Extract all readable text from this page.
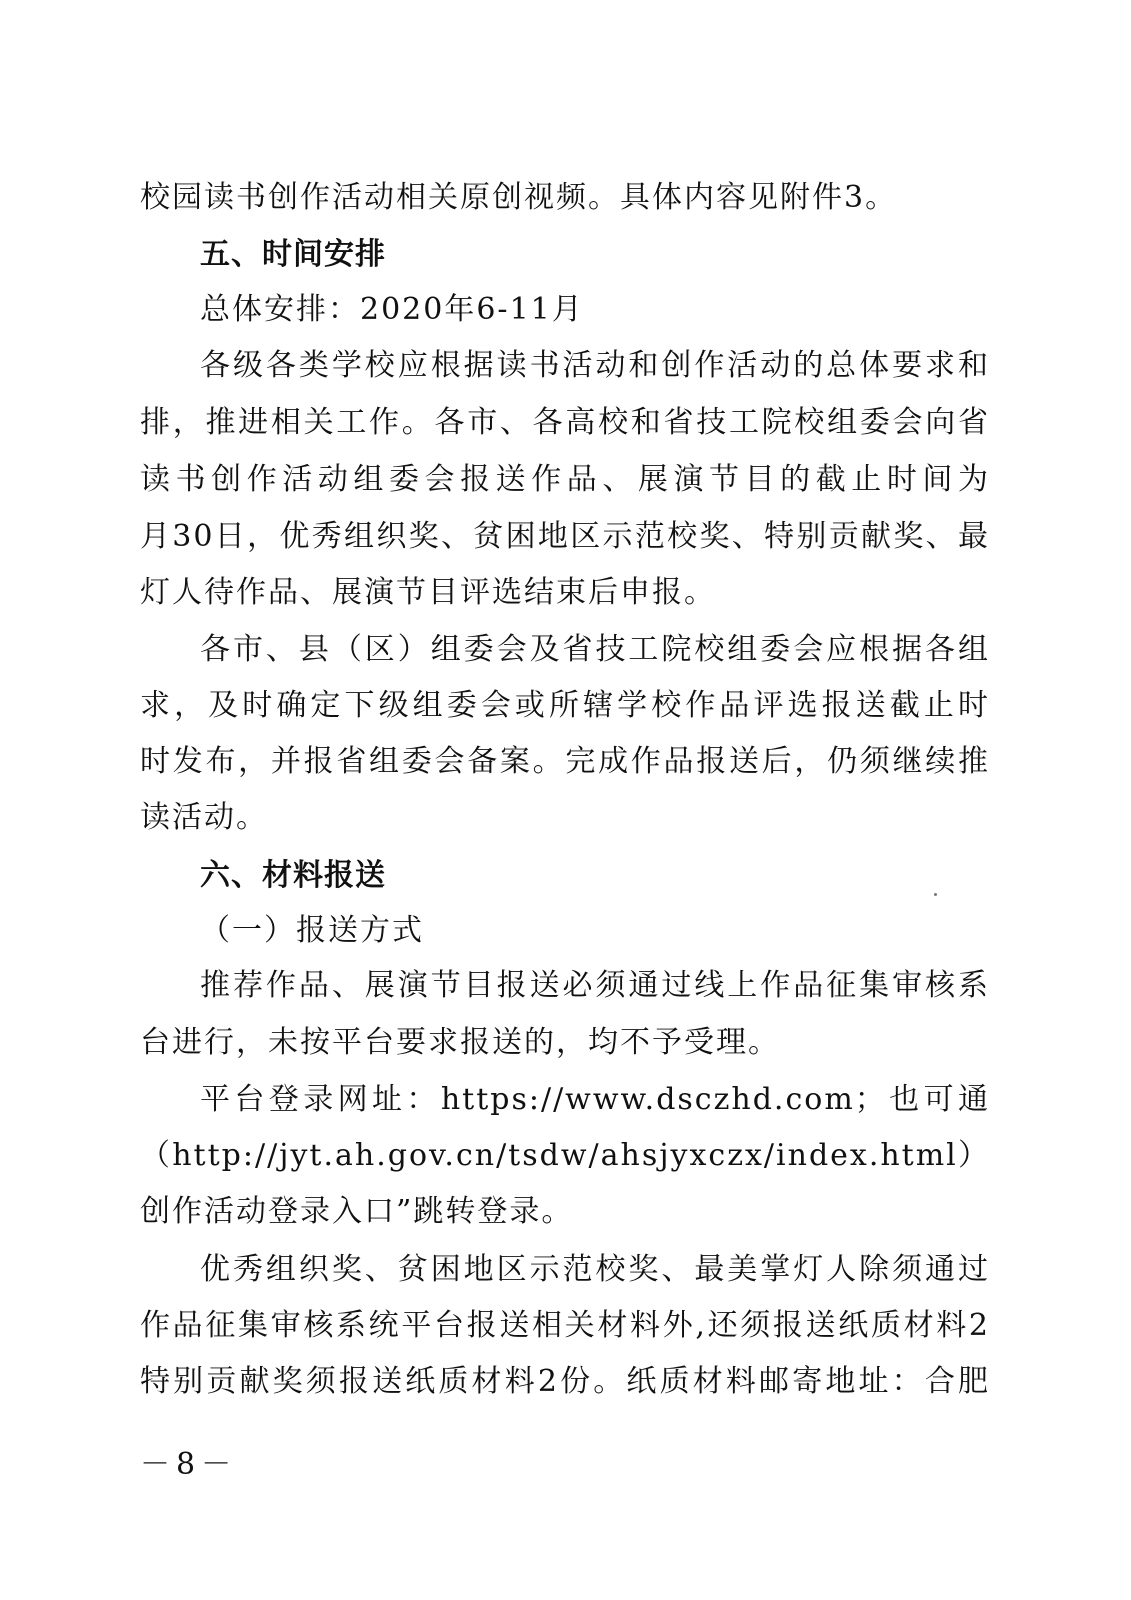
校园读书创作活动相关原创视频。具体内容见附件3。
五、时间安排
总体安排：2020年6-11月
各级各类学校应根据读书活动和创作活动的总体要求和
排，推进相关工作。各市、各高校和省技工院校组委会向省
读书创作活动组委会报送作品、展演节目的截止时间为
月30日，优秀组织奖、贫困地区示范校奖、特别贡献奖、最
灯人待作品、展演节目评选结束后申报。
各市、县（区）组委会及省技工院校组委会应根据各组
求，及时确定下级组委会或所辖学校作品评选报送截止时
时发布，并报省组委会备案。完成作品报送后，仍须继续推
读活动。
六、材料报送
（一）报送方式
推荐作品、展演节目报送必须通过线上作品征集审核系
台进行，未按平台要求报送的，均不予受理。
平台登录网址：https://www.dsczhd.com；也可通
（http://jyt.ah.gov.cn/tsdw/ahsjyxczx/index.html）
创作活动登录入口”跳转登录。
优秀组织奖、贫困地区示范校奖、最美掌灯人除须通过
作品征集审核系统平台报送相关材料外,还须报送纸质材料2
特别贡献奖须报送纸质材料2份。纸质材料邮寄地址：合肥
－8－
